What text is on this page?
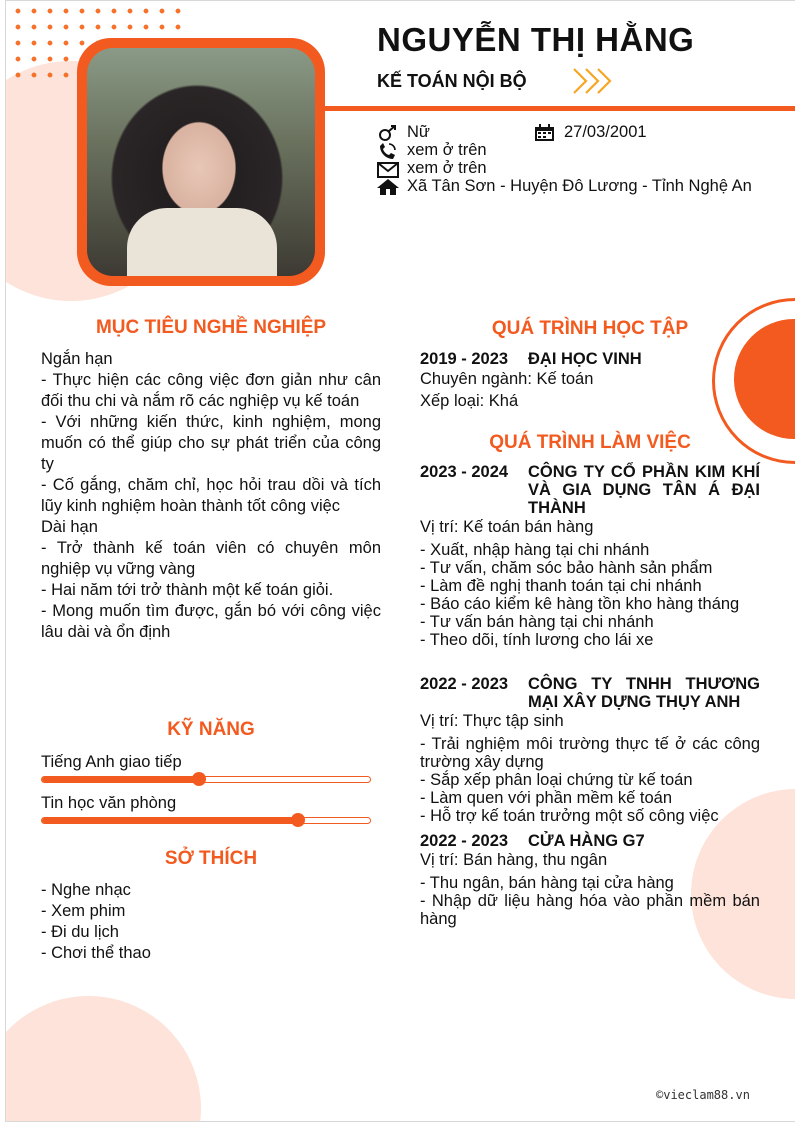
NGUYỄN THỊ HẰNG
KẾ TOÁN NỘI BỘ
Nữ	27/03/2001
xem ở trên
xem ở trên
Xã Tân Sơn - Huyện Đô Lương - Tỉnh Nghệ An
MỤC TIÊU NGHỀ NGHIỆP
Ngắn hạn
- Thực hiện các công việc đơn giản như cân đối thu chi và nắm rõ các nghiệp vụ kế toán
- Với những kiến thức, kinh nghiệm, mong muốn có thể giúp cho sự phát triển của công ty
- Cố gắng, chăm chỉ, học hỏi trau dồi và tích lũy kinh nghiệm hoàn thành tốt công việc
Dài hạn
- Trở thành kế toán viên có chuyên môn nghiệp vụ vững vàng
- Hai năm tới trở thành một kế toán giỏi.
- Mong muốn tìm được, gắn bó với công việc lâu dài và ổn định
KỸ NĂNG
Tiếng Anh giao tiếp
Tin học văn phòng
SỞ THÍCH
- Nghe nhạc
- Xem phim
- Đi du lịch
- Chơi thể thao
QUÁ TRÌNH HỌC TẬP
2019 - 2023 ĐẠI HỌC VINH
Chuyên ngành: Kế toán
Xếp loại: Khá
QUÁ TRÌNH LÀM VIỆC
2023 - 2024 CÔNG TY CỔ PHẦN KIM KHÍ VÀ GIA DỤNG TÂN Á ĐẠI THÀNH
Vị trí: Kế toán bán hàng
- Xuất, nhập hàng tại chi nhánh
- Tư vấn, chăm sóc bảo hành sản phẩm
- Làm đề nghị thanh toán tại chi nhánh
- Báo cáo kiểm kê hàng tồn kho hàng tháng
- Tư vấn bán hàng tại chi nhánh
- Theo dõi, tính lương cho lái xe
2022 - 2023 CÔNG TY TNHH THƯƠNG MẠI XÂY DỰNG THỤY ANH
Vị trí: Thực tập sinh
- Trải nghiệm môi trường thực tế ở các công trường xây dựng
- Sắp xếp phân loại chứng từ kế toán
- Làm quen với phần mềm kế toán
- Hỗ trợ kế toán trưởng một số công việc
2022 - 2023 CỬA HÀNG G7
Vị trí: Bán hàng, thu ngân
- Thu ngân, bán hàng tại cửa hàng
- Nhập dữ liệu hàng hóa vào phần mềm bán hàng
©vieclam88.vn
